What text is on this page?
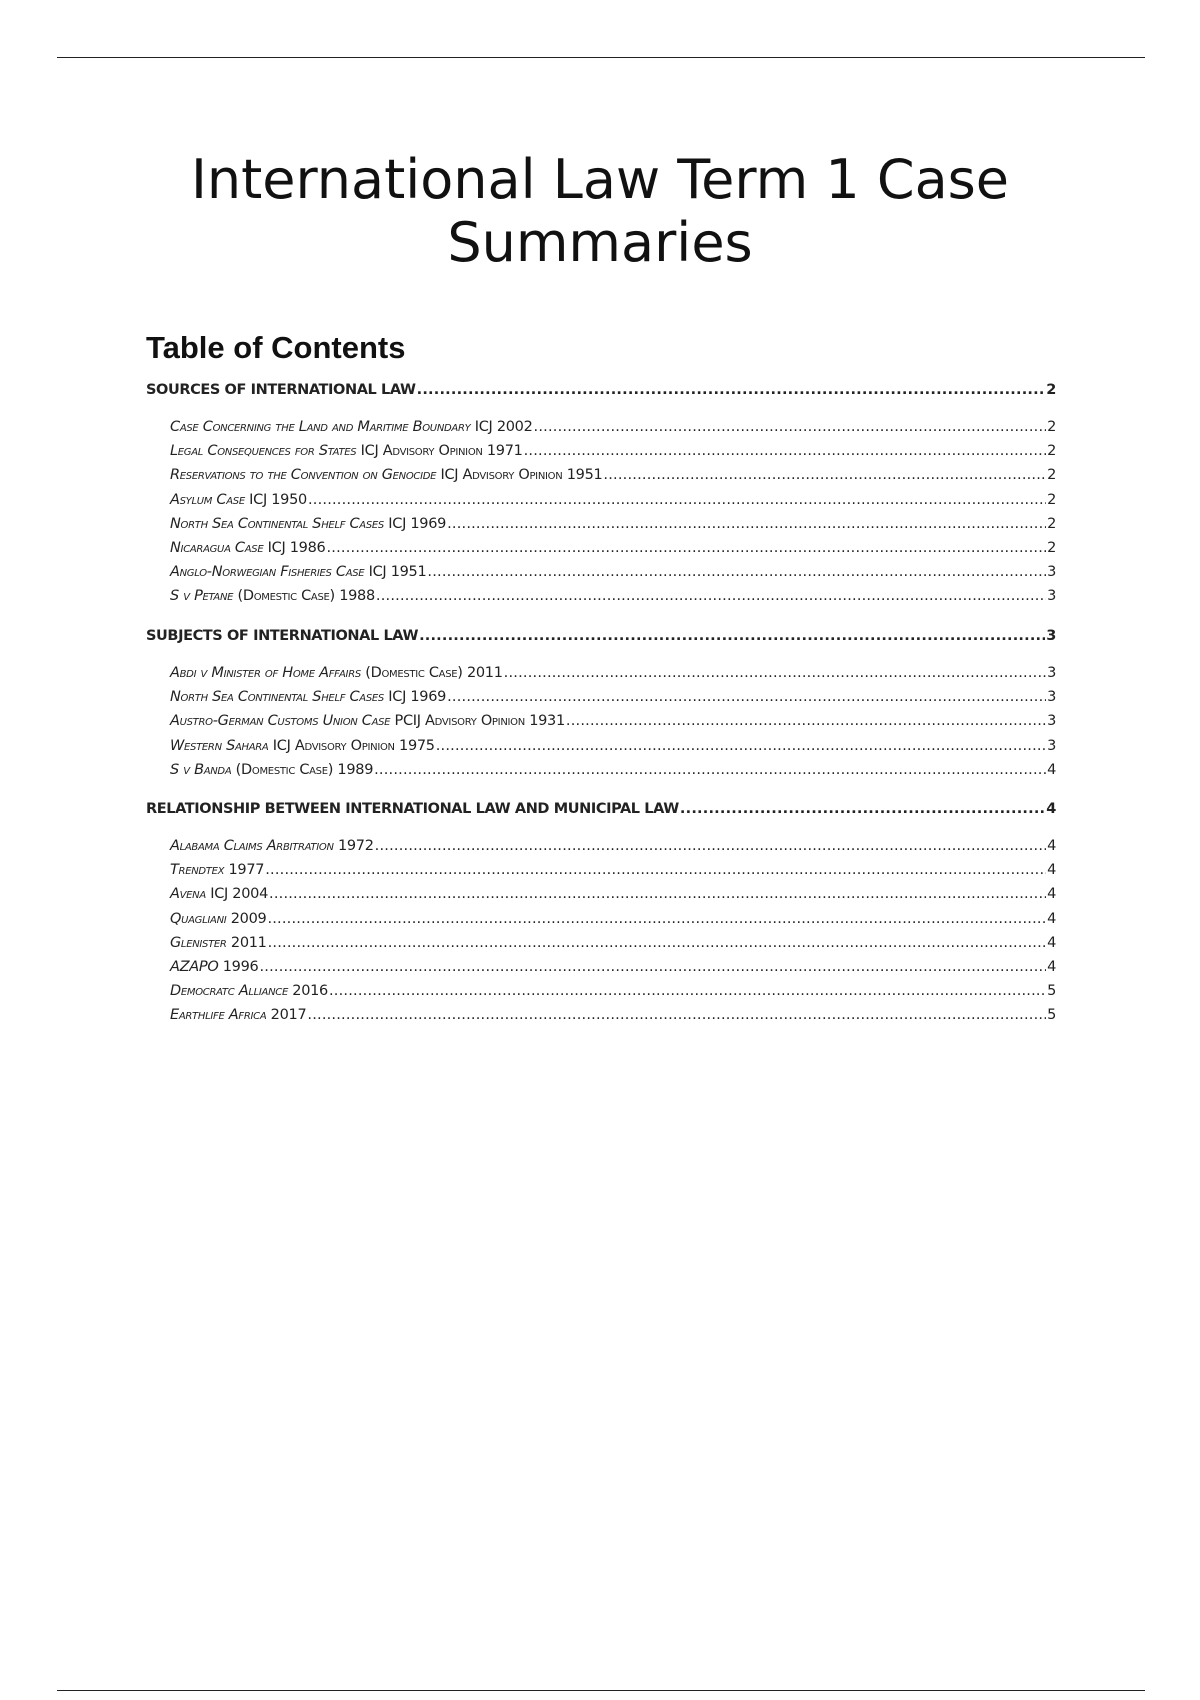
International Law Term 1 Case
Summaries
Table of Contents
SOURCES OF INTERNATIONAL LAW .....	2
Case Concerning the Land and Maritime Boundary ICJ 2002 .....	2
Legal Consequences for States ICJ Advisory Opinion 1971 .....	2
Reservations to the Convention on Genocide ICJ Advisory Opinion 1951 .....	2
Asylum Case ICJ 1950 .....	2
North Sea Continental Shelf Cases ICJ 1969 .....	2
Nicaragua Case ICJ 1986 .....	2
Anglo-Norwegian Fisheries Case ICJ 1951 .....	3
S v Petane (Domestic Case) 1988 .....	3
SUBJECTS OF INTERNATIONAL LAW .....	3
Abdi v Minister of Home Affairs (Domestic Case) 2011 .....	3
North Sea Continental Shelf Cases ICJ 1969 .....	3
Austro-German Customs Union Case PCIJ Advisory Opinion 1931 .....	3
Western Sahara ICJ Advisory Opinion 1975 .....	3
S v Banda (Domestic Case) 1989 .....	4
RELATIONSHIP BETWEEN INTERNATIONAL LAW AND MUNICIPAL LAW .....	4
Alabama Claims Arbitration 1972 .....	4
Trendtex 1977 .....	4
Avena ICJ 2004 .....	4
Quagliani 2009 .....	4
Glenister 2011 .....	4
AZAPO 1996 .....	4
Democratc Alliance 2016 .....	5
Earthlife Africa 2017 .....	5
